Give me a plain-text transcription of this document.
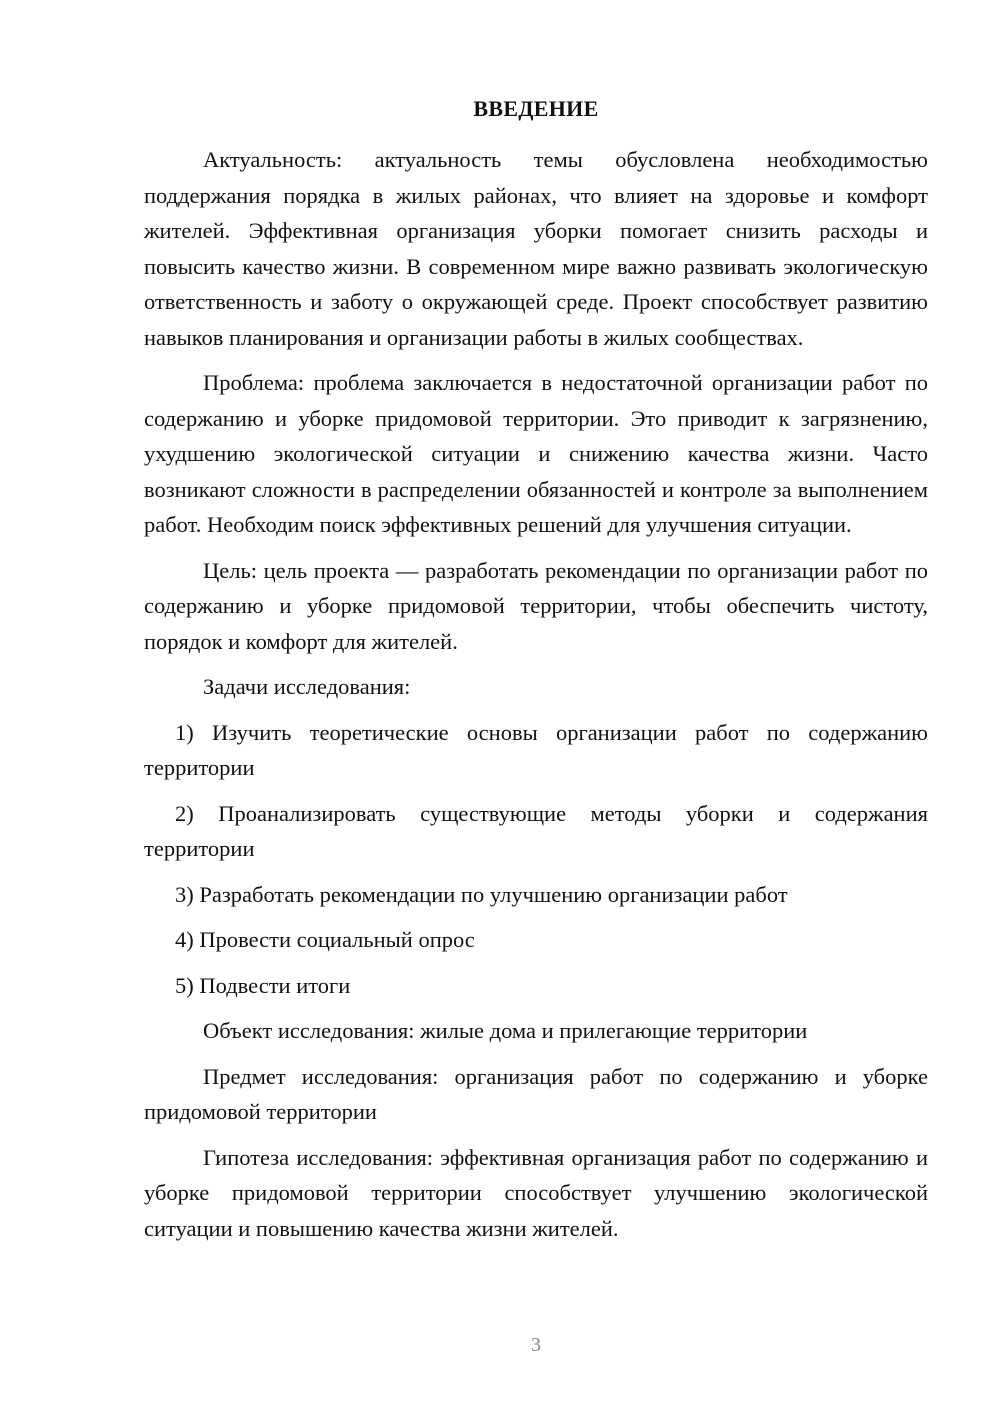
ВВЕДЕНИЕ

Актуальность: актуальность темы обусловлена необходимостью поддержания порядка в жилых районах, что влияет на здоровье и комфорт жителей. Эффективная организация уборки помогает снизить расходы и повысить качество жизни. В современном мире важно развивать экологическую ответственность и заботу о окружающей среде. Проект способствует развитию навыков планирования и организации работы в жилых сообществах.

Проблема: проблема заключается в недостаточной организации работ по содержанию и уборке придомовой территории. Это приводит к загрязнению, ухудшению экологической ситуации и снижению качества жизни. Часто возникают сложности в распределении обязанностей и контроле за выполнением работ. Необходим поиск эффективных решений для улучшения ситуации.

Цель: цель проекта — разработать рекомендации по организации работ по содержанию и уборке придомовой территории, чтобы обеспечить чистоту, порядок и комфорт для жителей.

Задачи исследования:

1) Изучить теоретические основы организации работ по содержанию территории

2) Проанализировать существующие методы уборки и содержания территории

3) Разработать рекомендации по улучшению организации работ

4) Провести социальный опрос

5) Подвести итоги

Объект исследования: жилые дома и прилегающие территории

Предмет исследования: организация работ по содержанию и уборке придомовой территории

Гипотеза исследования: эффективная организация работ по содержанию и уборке придомовой территории способствует улучшению экологической ситуации и повышению качества жизни жителей.

3
